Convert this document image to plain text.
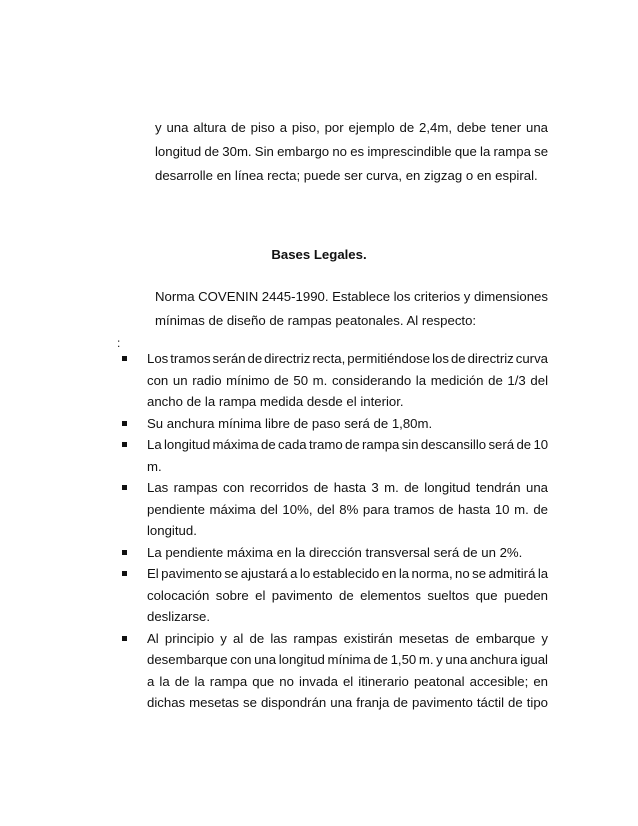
y una altura de piso a piso, por ejemplo de 2,4m, debe tener una
longitud de 30m. Sin embargo no es imprescindible que la rampa se
desarrolle en línea recta; puede ser curva, en zigzag o en espiral.
Bases Legales.
Norma COVENIN 2445-1990. Establece los criterios y dimensiones
mínimas de diseño de rampas peatonales. Al respecto:
:
Los tramos serán de directriz recta, permitiéndose los de directriz curva
con un radio mínimo de 50 m. considerando la medición de 1/3 del
ancho de la rampa medida desde el interior.
Su anchura mínima libre de paso será de 1,80m.
La longitud máxima de cada tramo de rampa sin descansillo será de 10
m.
Las rampas con recorridos de hasta 3 m. de longitud tendrán una
pendiente máxima del 10%, del 8% para tramos de hasta 10 m. de
longitud.
La pendiente máxima en la dirección transversal será de un 2%.
El pavimento se ajustará a lo establecido en la norma, no se admitirá la
colocación sobre el pavimento de elementos sueltos que pueden
deslizarse.
Al principio y al de las rampas existirán mesetas de embarque y
desembarque con una longitud mínima de 1,50 m. y una anchura igual
a la de la rampa que no invada el itinerario peatonal accesible; en
dichas mesetas se dispondrán una franja de pavimento táctil de tipo
